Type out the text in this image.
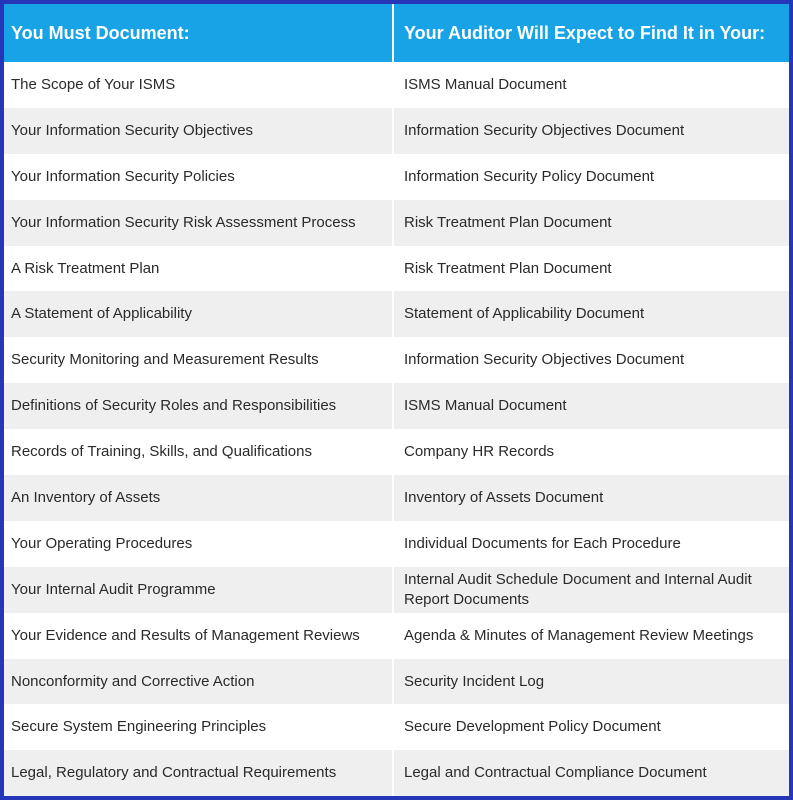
You Must Document:	Your Auditor Will Expect to Find It in Your:
The Scope of Your ISMS	ISMS Manual Document
Your Information Security Objectives	Information Security Objectives Document
Your Information Security Policies	Information Security Policy Document
Your Information Security Risk Assessment Process	Risk Treatment Plan Document
A Risk Treatment Plan	Risk Treatment Plan Document
A Statement of Applicability	Statement of Applicability Document
Security Monitoring and Measurement Results	Information Security Objectives Document
Definitions of Security Roles and Responsibilities	ISMS Manual Document
Records of Training, Skills, and Qualifications	Company HR Records
An Inventory of Assets	Inventory of Assets Document
Your Operating Procedures	Individual Documents for Each Procedure
Your Internal Audit Programme	Internal Audit Schedule Document and Internal Audit Report Documents
Your Evidence and Results of Management Reviews	Agenda & Minutes of Management Review Meetings
Nonconformity and Corrective Action	Security Incident Log
Secure System Engineering Principles	Secure Development Policy Document
Legal, Regulatory and Contractual Requirements	Legal and Contractual Compliance Document
